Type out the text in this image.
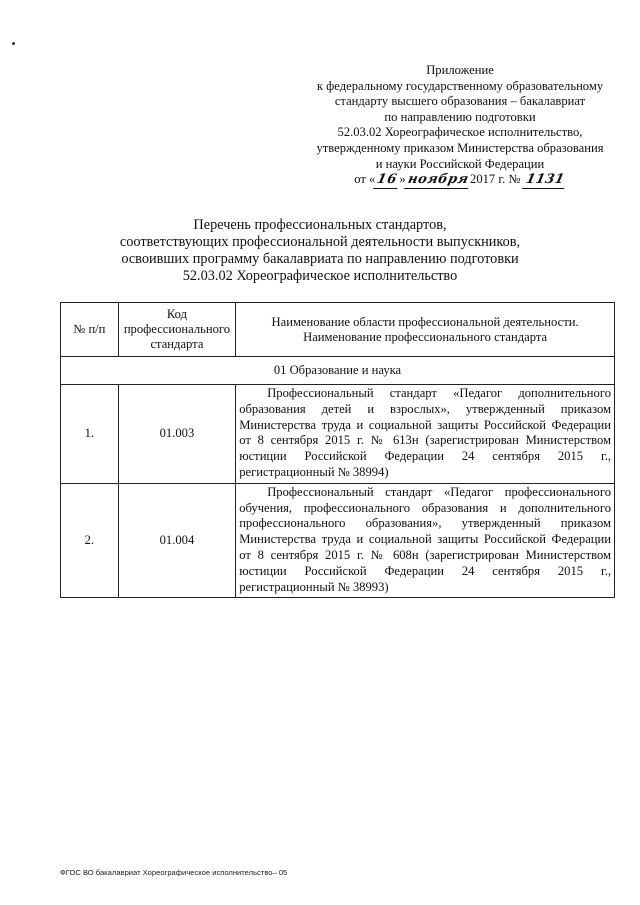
Приложение
к федеральному государственному образовательному
стандарту высшего образования – бакалавриат
по направлению подготовки
52.03.02 Хореографическое исполнительство,
утвержденному приказом Министерства образования
и науки Российской Федерации
от «16»ноября2017 г. № 1131
Перечень профессиональных стандартов,
соответствующих профессиональной деятельности выпускников,
освоивших программу бакалавриата по направлению подготовки
52.03.02 Хореографическое исполнительство
№ п/п	Код профессионального стандарта	Наименование области профессиональной деятельности. Наименование профессионального стандарта
01 Образование и наука		
1.	01.003	Профессиональный стандарт «Педагог дополнительного образования детей и взрослых», утвержденный приказом Министерства труда и социальной защиты Российской Федерации от 8 сентября 2015 г. № 613н (зарегистрирован Министерством юстиции Российской Федерации 24 сентября 2015 г., регистрационный № 38994)
2.	01.004	Профессиональный стандарт «Педагог профессионального обучения, профессионального образования и дополнительного профессионального образования», утвержденный приказом Министерства труда и социальной защиты Российской Федерации от 8 сентября 2015 г. № 608н (зарегистрирован Министерством юстиции Российской Федерации 24 сентября 2015 г., регистрационный № 38993)
ФГОС ВО бакалавриат Хореографическое исполнительство– 05
